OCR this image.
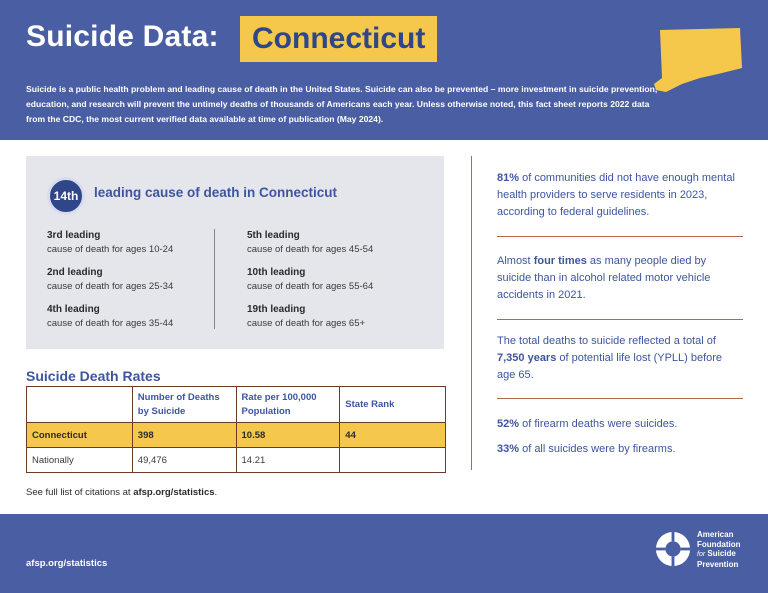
Suicide Data:	Connecticut
Suicide is a public health problem and leading cause of death in the United States. Suicide can also be prevented – more investment in suicide prevention, education, and research will prevent the untimely deaths of thousands of Americans each year. Unless otherwise noted, this fact sheet reports 2022 data from the CDC, the most current verified data available at time of publication (May 2024).
14th	leading cause of death in Connecticut
3rd leading
cause of death for ages 10-24
2nd leading
cause of death for ages 25-34
4th leading
cause of death for ages 35-44
5th leading
cause of death for ages 45-54
10th leading
cause of death for ages 55-64
19th leading
cause of death for ages 65+
Suicide Death Rates
	Number of Deaths by Suicide	Rate per 100,000 Population	State Rank
Connecticut	398	10.58	44
Nationally	49,476	14.21	
See full list of citations at afsp.org/statistics.
81% of communities did not have enough mental health providers to serve residents in 2023, according to federal guidelines.
Almost four times as many people died by suicide than in alcohol related motor vehicle accidents in 2021.
The total deaths to suicide reflected a total of 7,350 years of potential life lost (YPLL) before age 65.
52% of firearm deaths were suicides.
33% of all suicides were by firearms.
afsp.org/statistics
American
Foundation
for Suicide
Prevention
